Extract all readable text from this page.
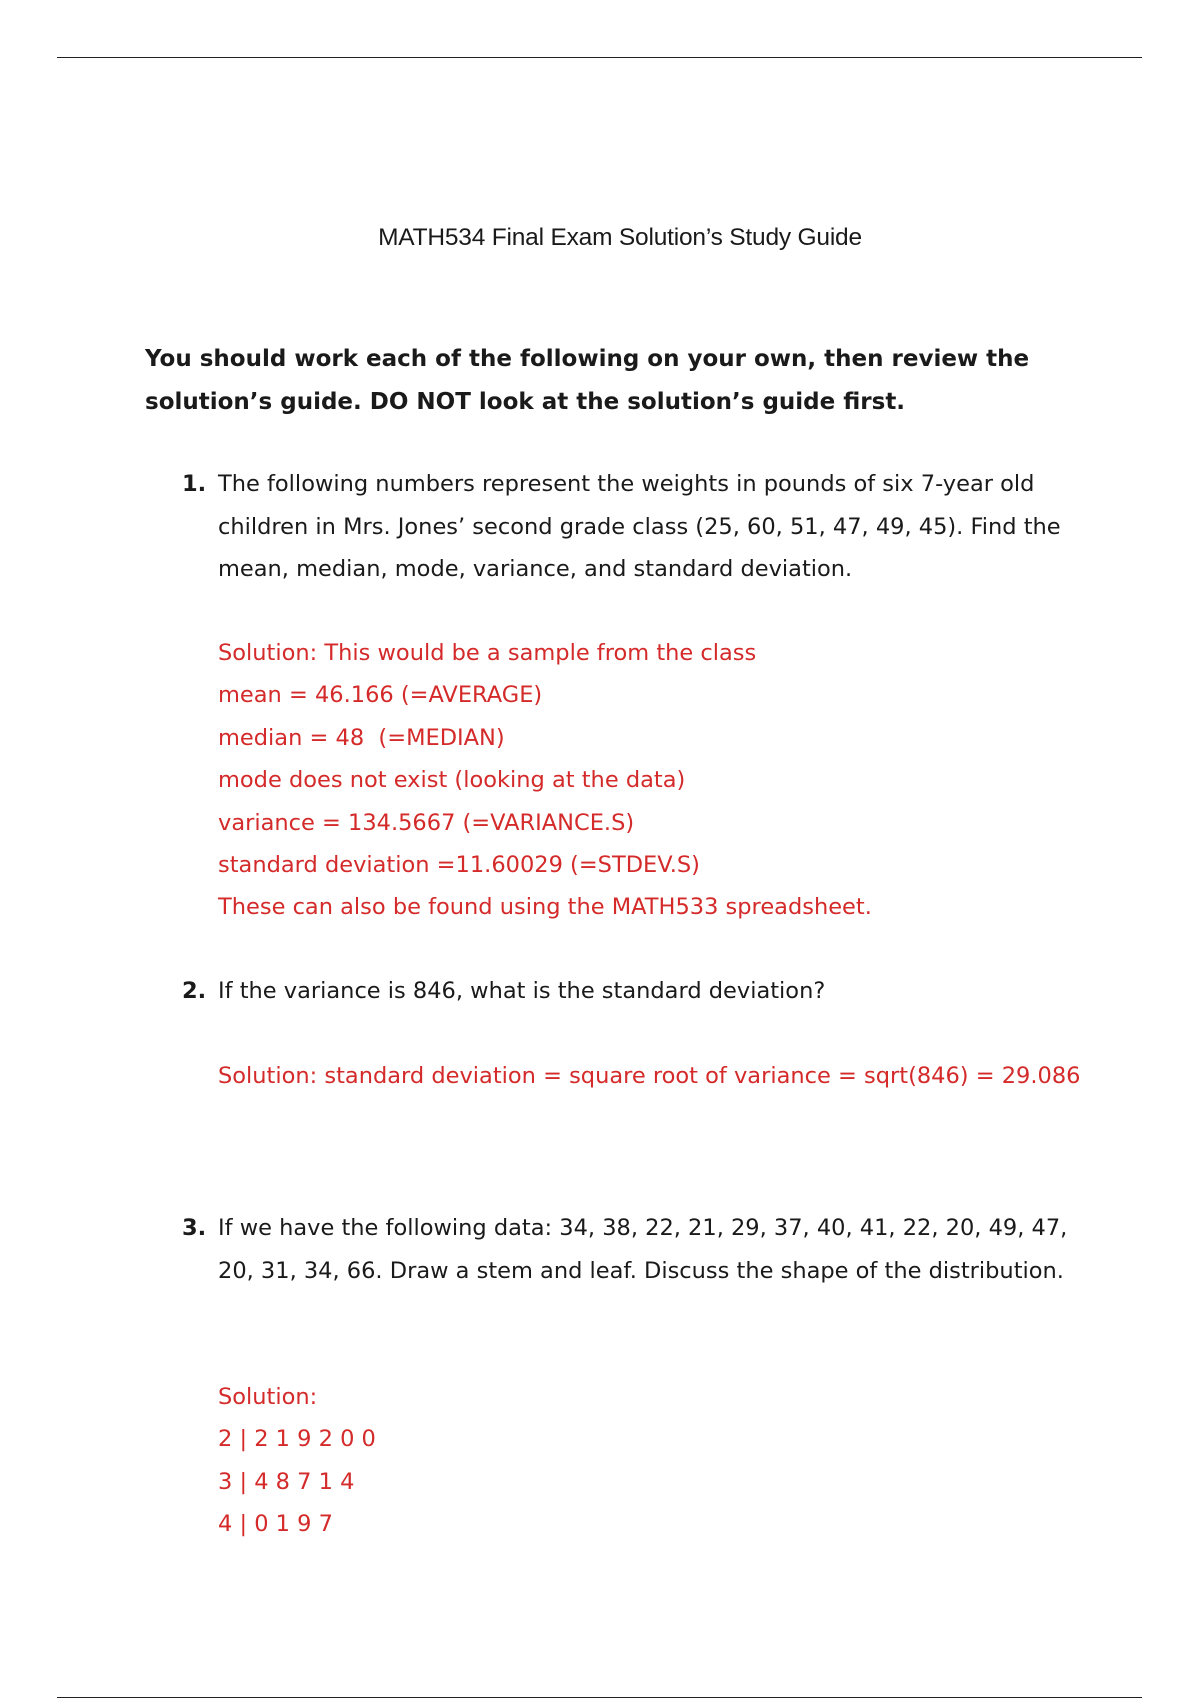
MATH534 Final Exam Solution’s Study Guide
You should work each of the following on your own, then review the solution’s guide. DO NOT look at the solution’s guide first.
1. The following numbers represent the weights in pounds of six 7-year old children in Mrs. Jones’ second grade class (25, 60, 51, 47, 49, 45). Find the mean, median, mode, variance, and standard deviation.
Solution: This would be a sample from the class
mean = 46.166 (=AVERAGE)
median = 48  (=MEDIAN)
mode does not exist (looking at the data)
variance = 134.5667 (=VARIANCE.S)
standard deviation =11.60029 (=STDEV.S)
These can also be found using the MATH533 spreadsheet.
2. If the variance is 846, what is the standard deviation?
Solution: standard deviation = square root of variance = sqrt(846) = 29.086
3. If we have the following data: 34, 38, 22, 21, 29, 37, 40, 41, 22, 20, 49, 47, 20, 31, 34, 66. Draw a stem and leaf. Discuss the shape of the distribution.
Solution:
2 | 2 1 9 2 0 0
3 | 4 8 7 1 4
4 | 0 1 9 7
